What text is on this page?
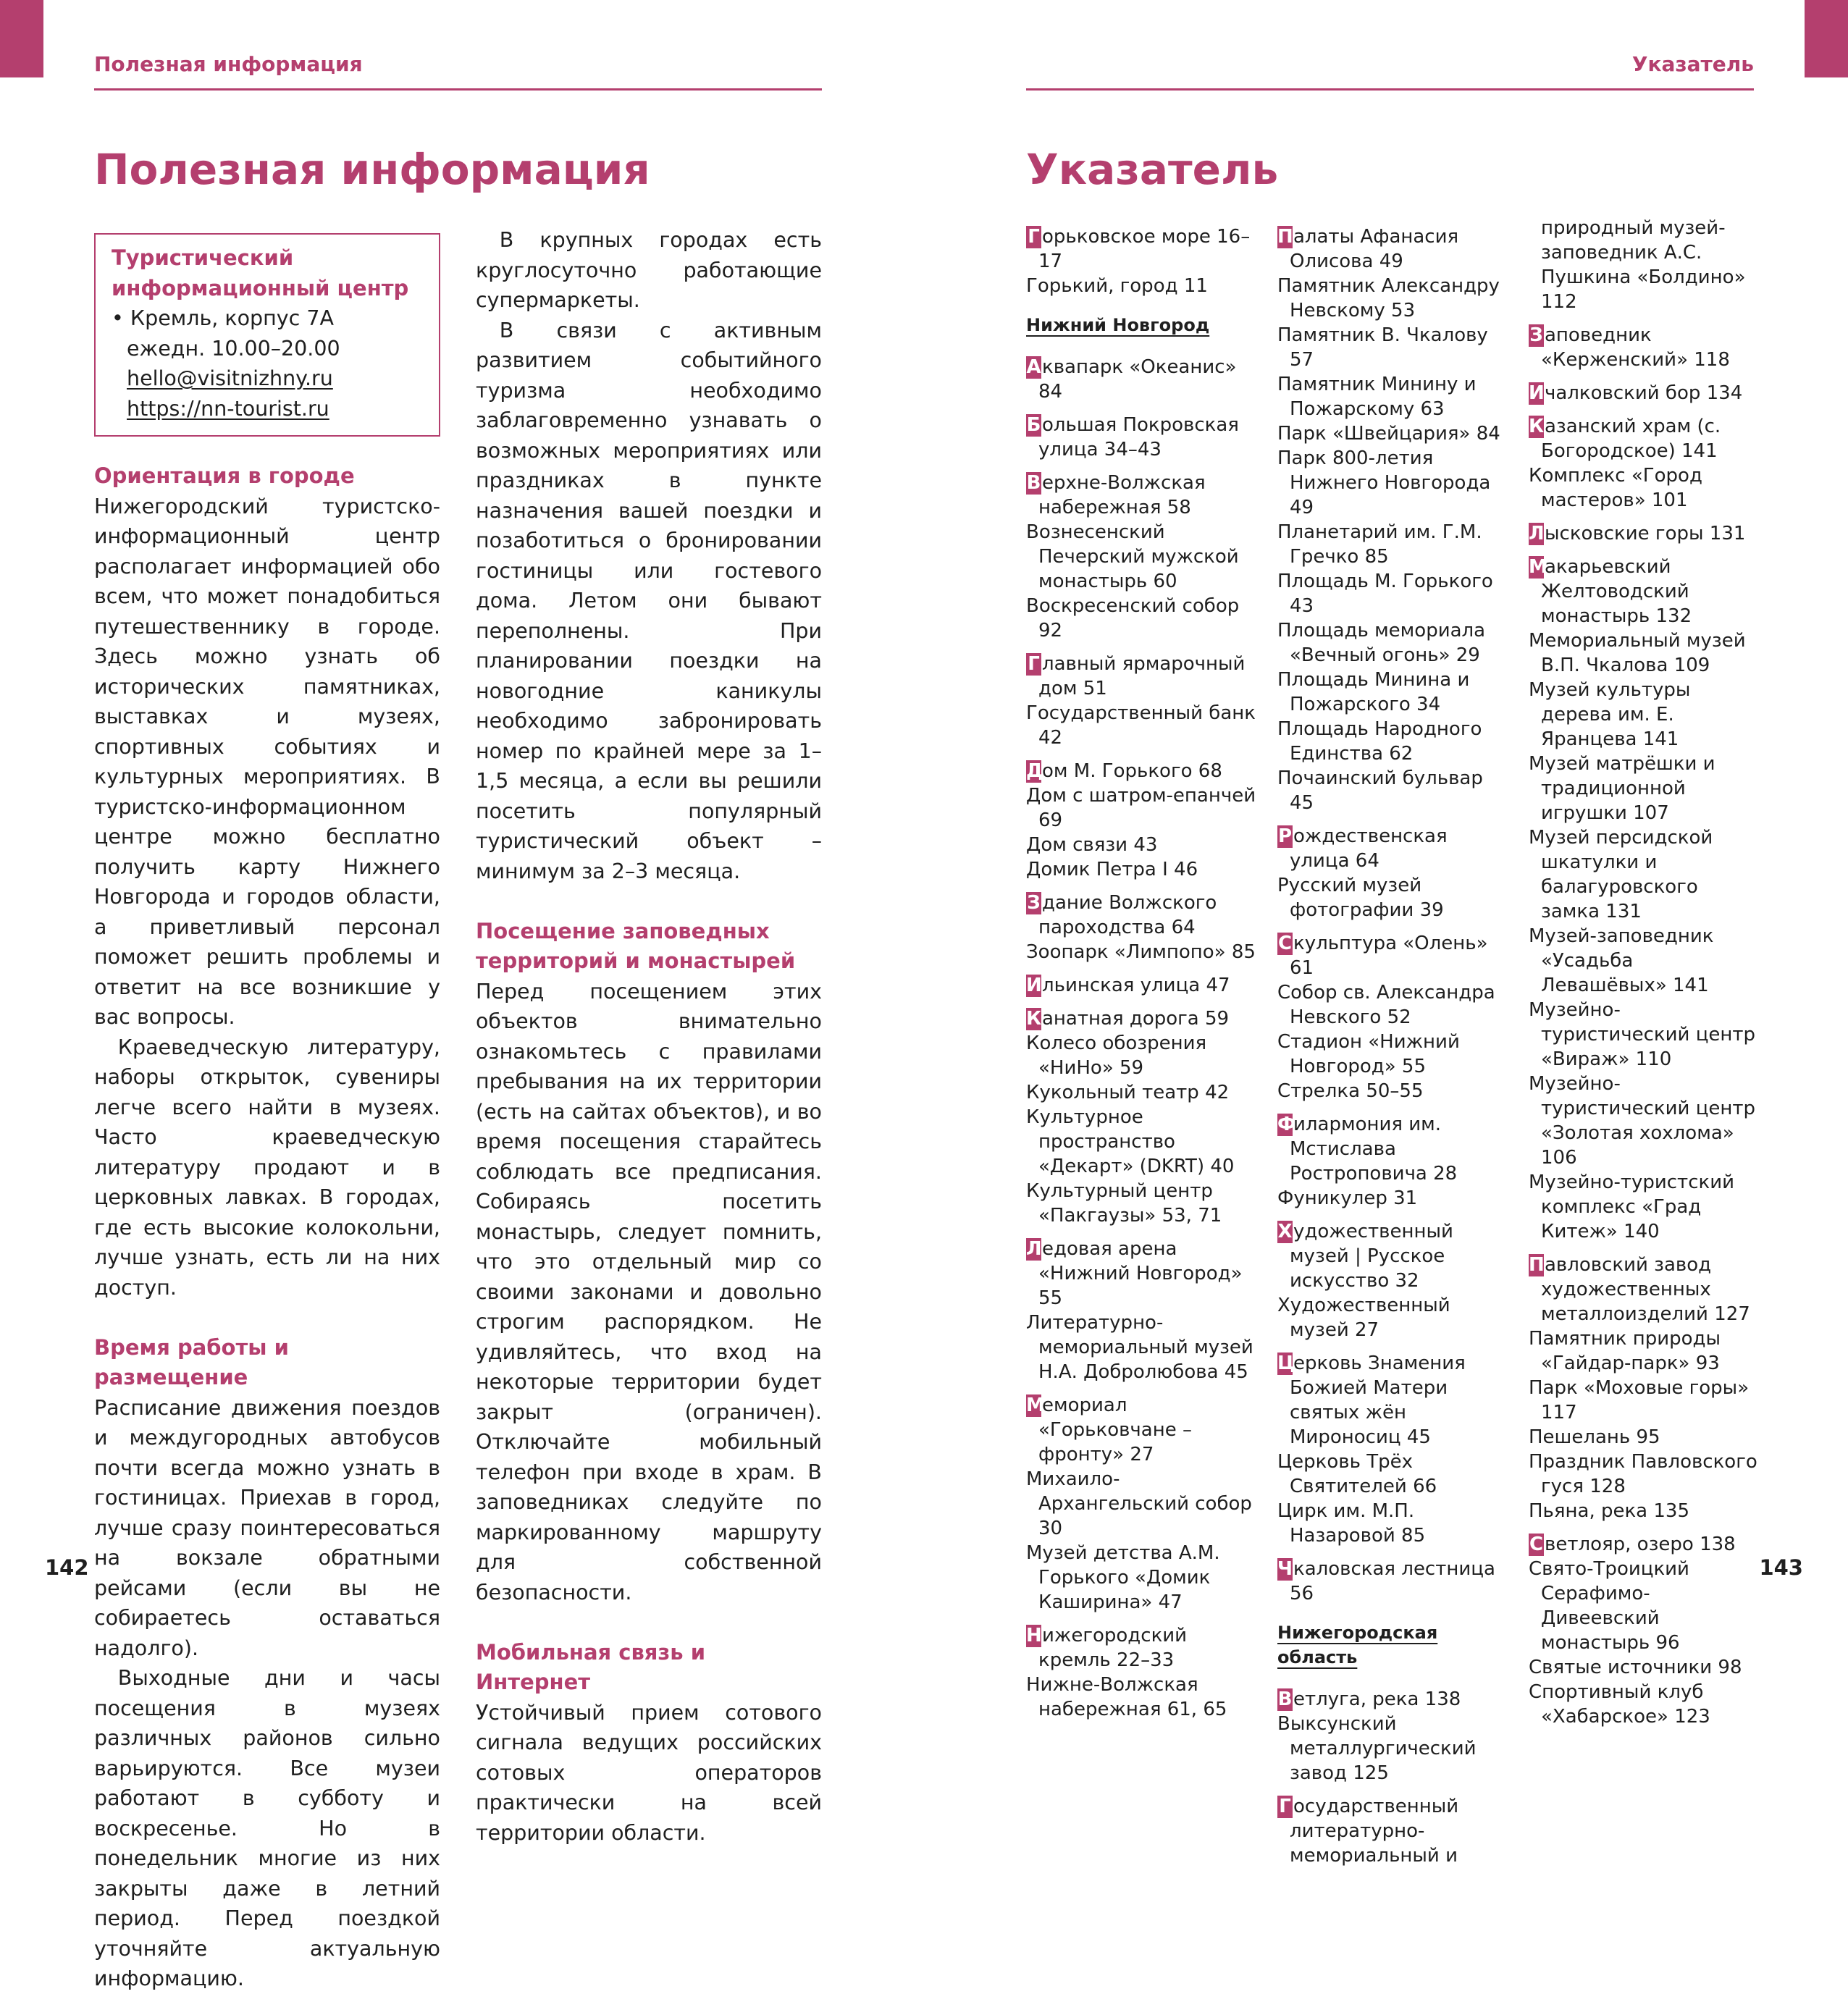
Полезная информация
Полезная информация
Туристический
информационный центр
• Кремль, корпус 7А
ежедн. 10.00–20.00
hello@visitnizhny.ru
https://nn-tourist.ru
Ориентация в городе

Нижегородский туристско-информационный центр располагает информацией обо всем, что может понадобиться путешественнику в городе. Здесь можно узнать об исторических памятниках, выставках и музеях, спортивных событиях и культурных мероприятиях. В туристско-информационном центре можно бесплатно получить карту Нижнего Новгорода и городов области, а приветливый персонал поможет решить проблемы и ответит на все возникшие у вас вопросы.

Краеведческую литературу, наборы открыток, сувениры легче всего найти в музеях. Часто краеведческую литературу продают и в церковных лавках. В городах, где есть высокие колокольни, лучше узнать, есть ли на них доступ.

Время работы и размещение

Расписание движения поездов и междугородных автобусов почти всегда можно узнать в гостиницах. Приехав в город, лучше сразу поинтересоваться на вокзале обратными рейсами (если вы не собираетесь оставаться надолго).

Выходные дни и часы посещения в музеях различных районов сильно варьируются. Все музеи работают в субботу и воскресенье. Но в понедельник многие из них закрыты даже в летний период. Перед поездкой уточняйте актуальную информацию.

В крупных городах есть круглосуточно работающие супермаркеты.

В связи с активным развитием событийного туризма необходимо заблаговременно узнавать о возможных мероприятиях или праздниках в пункте назначения вашей поездки и позаботиться о бронировании гостиницы или гостевого дома. Летом они бывают переполнены. При планировании поездки на новогодние каникулы необходимо забронировать номер по крайней мере за 1–1,5 месяца, а если вы решили посетить популярный туристический объект – минимум за 2–3 месяца.

Посещение заповедных
территорий и монастырей

Перед посещением этих объектов внимательно ознакомьтесь с правилами пребывания на их территории (есть на сайтах объектов), и во время посещения старайтесь соблюдать все предписания. Собираясь посетить монастырь, следует помнить, что это отдельный мир со своими законами и довольно строгим распорядком. Не удивляйтесь, что вход на некоторые территории будет закрыт (ограничен). Отключайте мобильный телефон при входе в храм. В заповедниках следуйте по маркированному маршруту для собственной безопасности.

Мобильная связь и Интернет

Устойчивый прием сотового сигнала ведущих российских сотовых операторов практически на всей территории области.

142
Указатель
Указатель
Г орьковское море 16–17
Горький, город 11
Нижний Новгород
Аквапарк «Океанис» 84
Большая Покровская улица 34–43
Верхне-Волжская набережная 58
Вознесенский Печерский мужской монастырь 60
Воскресенский собор 92
Г лавный ярмарочный дом 51
Государственный банк 42
Дом М. Горького 68
Дом с шатром-епанчей 69
Дом связи 43
Домик Петра I 46
Здание Волжского пароходства 64
Зоопарк «Лимпопо» 85
Ильинская улица 47
Канатная дорога 59
Колесо обозрения «НиНо» 59
Кукольный театр 42
Культурное пространство «Декарт» (DKRT) 40
Культурный центр «Пакгаузы» 53, 71
Ледовая арена «Нижний Новгород» 55
Литературно-мемориальный музей Н.А. Добролюбова 45
Мемориал «Горьковчане – фронту» 27
Михаило-Архангельский собор 30
Музей детства А.М. Горького «Домик Каширина» 47
Нижегородский кремль 22–33
Нижне-Волжская набережная 61, 65
Палаты Афанасия Олисова 49
Памятник Александру Невскому 53
Памятник В. Чкалову 57
Памятник Минину и Пожарскому 63
Парк «Швейцария» 84
Парк 800-летия Нижнего Новгорода 49
Планетарий им. Г.М. Гречко 85
Площадь М. Горького 43
Площадь мемориала «Вечный огонь» 29
Площадь Минина и Пожарского 34
Площадь Народного Единства 62
Почаинский бульвар 45
Рождественская улица 64
Русский музей фотографии 39
Скульптура «Олень» 61
Собор св. Александра Невского 52
Стадион «Нижний Новгород» 55
Стрелка 50–55
Филармония им. Мстислава Ростроповича 28
Фуникулер 31
Художественный музей | Русское искусство 32
Художественный музей 27
Церковь Знамения Божией Матери святых жён Мироносиц 45
Церковь Трёх Святителей 66
Цирк им. М.П. Назаровой 85
Чкаловская лестница 56
Нижегородская область
Ветлуга, река 138
Выксунский металлургический завод 125
Г осударственный литературно-мемориальный и
природный музей-заповедник А.С. Пушкина «Болдино» 112
Заповедник «Керженский» 118
Ичалковский бор 134
Казанский храм (с. Богородское) 141
Комплекс «Город мастеров» 101
Лысковские горы 131
Макарьевский Желтоводский монастырь 132
Мемориальный музей В.П. Чкалова 109
Музей культуры дерева им. Е. Яранцева 141
Музей матрёшки и традиционной игрушки 107
Музей персидской шкатулки и балагуровского замка 131
Музей-заповедник «Усадьба Левашёвых» 141
Музейно-туристический центр «Вираж» 110
Музейно-туристический центр «Золотая хохлома» 106
Музейно-туристский комплекс «Град Китеж» 140
Павловский завод художественных металлоизделий 127
Памятник природы «Гайдар-парк» 93
Парк «Моховые горы» 117
Пешелань 95
Праздник Павловского гуся 128
Пьяна, река 135
Светлояр, озеро 138
Свято-Троицкий Серафимо-Дивеевский монастырь 96
Святые источники 98
Спортивный клуб «Хабарское» 123
143
